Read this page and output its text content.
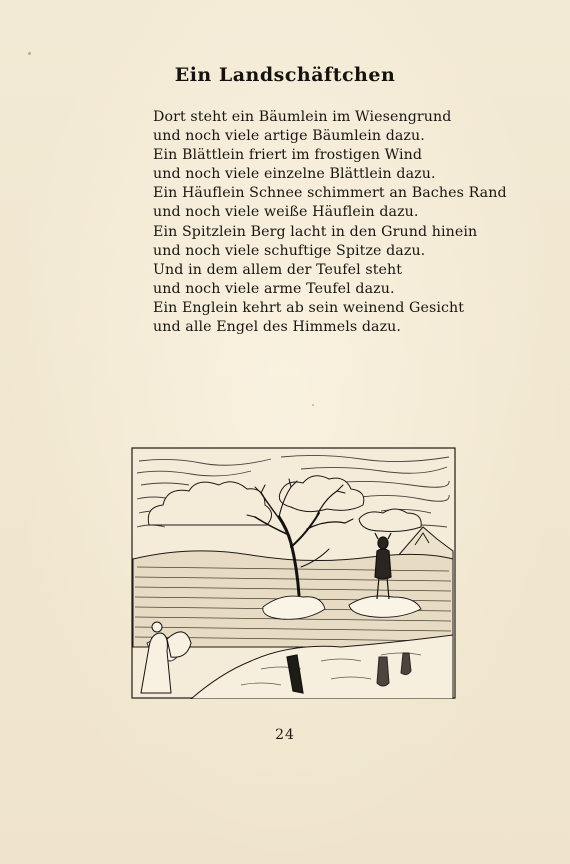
Ein Landschäftchen
Dort steht ein Bäumlein im Wiesengrund
und noch viele artige Bäumlein dazu.
Ein Blättlein friert im frostigen Wind
und noch viele einzelne Blättlein dazu.
Ein Häuflein Schnee schimmert an Baches Rand
und noch viele weiße Häuflein dazu.
Ein Spitzlein Berg lacht in den Grund hinein
und noch viele schuftige Spitze dazu.
Und in dem allem der Teufel steht
und noch viele arme Teufel dazu.
Ein Englein kehrt ab sein weinend Gesicht
und alle Engel des Himmels dazu.
24
